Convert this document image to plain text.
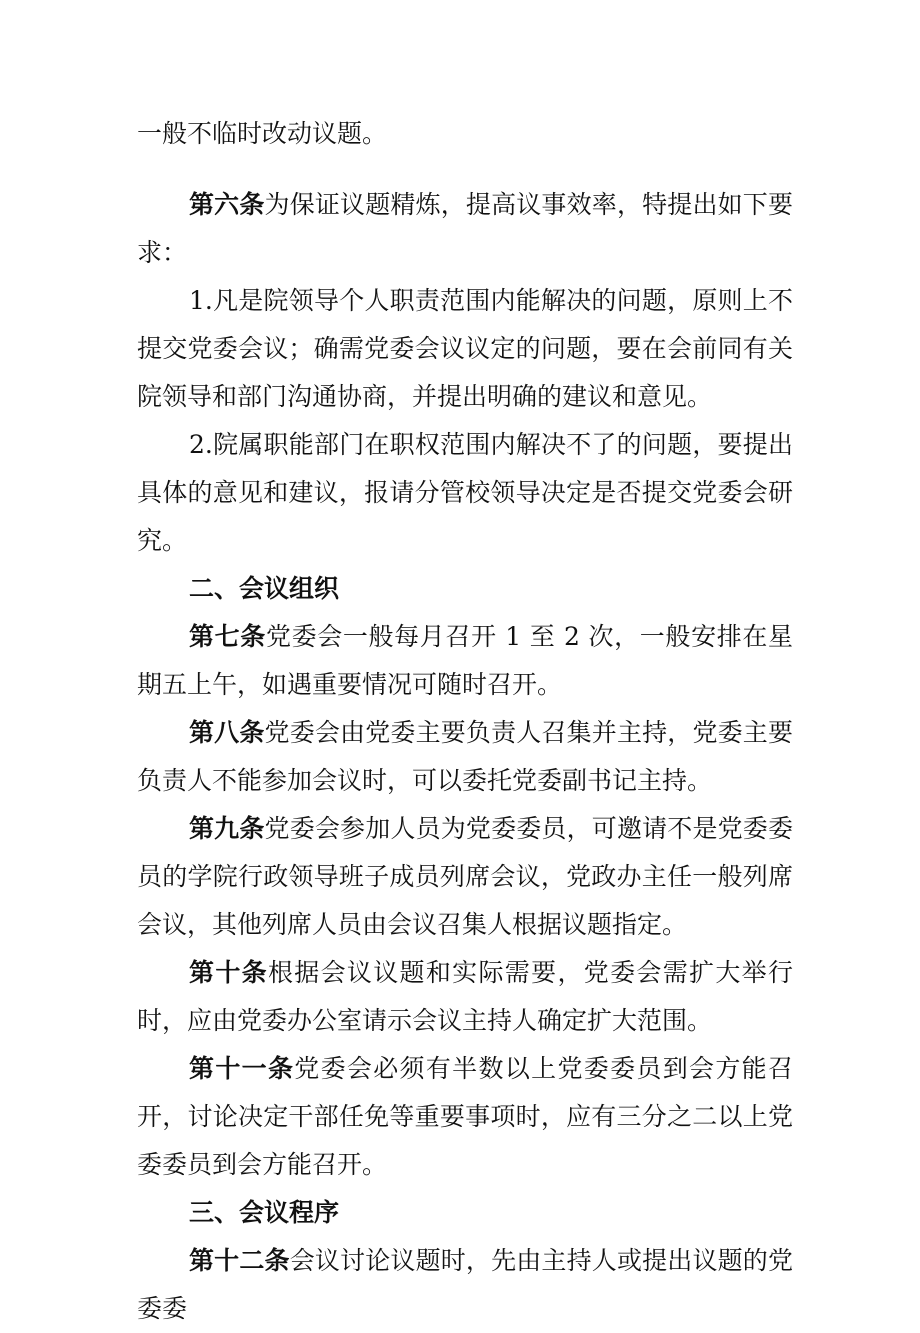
一般不临时改动议题。

第六条为保证议题精炼，提高议事效率，特提出如下要求：

1.凡是院领导个人职责范围内能解决的问题，原则上不提交党委会议；确需党委会议议定的问题，要在会前同有关院领导和部门沟通协商，并提出明确的建议和意见。

2.院属职能部门在职权范围内解决不了的问题，要提出具体的意见和建议，报请分管校领导决定是否提交党委会研究。

二、会议组织

第七条党委会一般每月召开 1 至 2 次，一般安排在星期五上午，如遇重要情况可随时召开。

第八条党委会由党委主要负责人召集并主持，党委主要负责人不能参加会议时，可以委托党委副书记主持。

第九条党委会参加人员为党委委员，可邀请不是党委委员的学院行政领导班子成员列席会议，党政办主任一般列席会议，其他列席人员由会议召集人根据议题指定。

第十条根据会议议题和实际需要，党委会需扩大举行时，应由党委办公室请示会议主持人确定扩大范围。

第十一条党委会必须有半数以上党委委员到会方能召开，讨论决定干部任免等重要事项时，应有三分之二以上党委委员到会方能召开。

三、会议程序

第十二条会议讨论议题时，先由主持人或提出议题的党委委
